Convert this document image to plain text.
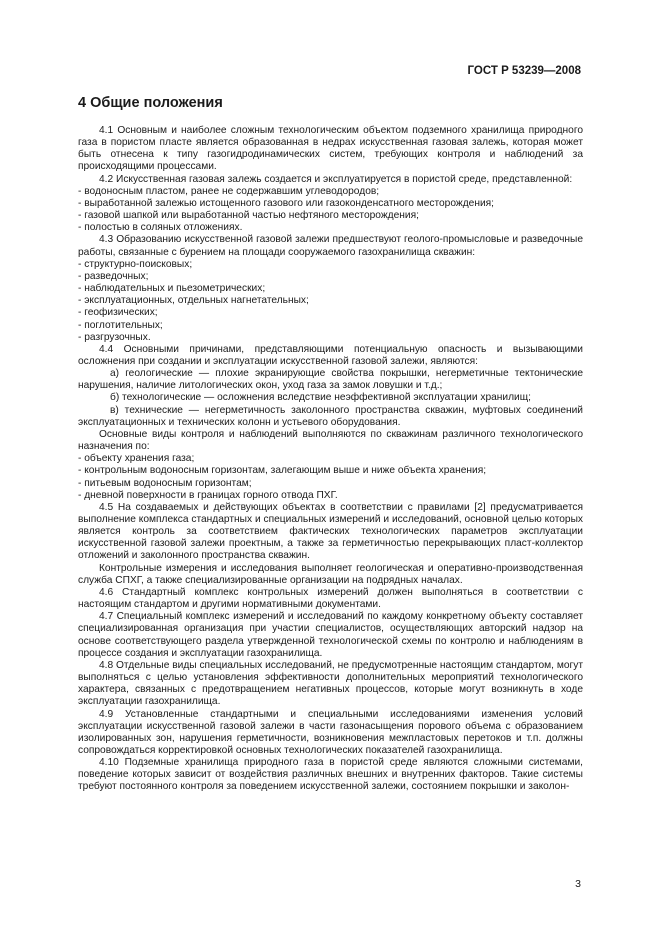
ГОСТ Р 53239—2008
4 Общие положения

4.1 Основным и наиболее сложным технологическим объектом подземного хранилища природного газа в пористом пласте является образованная в недрах искусственная газовая залежь, которая может быть отнесена к типу газогидродинамических систем, требующих контроля и наблюдений за происходящими процессами.

4.2 Искусственная газовая залежь создается и эксплуатируется в пористой среде, представленной:

- водоносным пластом, ранее не содержавшим углеводородов;

- выработанной залежью истощенного газового или газоконденсатного месторождения;

- газовой шапкой или выработанной частью нефтяного месторождения;

- полостью в соляных отложениях.

4.3 Образованию искусственной газовой залежи предшествуют геолого-промысловые и разведочные работы, связанные с бурением на площади сооружаемого газохранилища скважин:

- структурно-поисковых;

- разведочных;

- наблюдательных и пьезометрических;

- эксплуатационных, отдельных нагнетательных;

- геофизических;

- поглотительных;

- разгрузочных.

4.4 Основными причинами, представляющими потенциальную опасность и вызывающими осложнения при создании и эксплуатации искусственной газовой залежи, являются:

а) геологические — плохие экранирующие свойства покрышки, негерметичные тектонические нарушения, наличие литологических окон, уход газа за замок ловушки и т.д.;

б) технологические — осложнения вследствие неэффективной эксплуатации хранилищ;

в) технические — негерметичность заколонного пространства скважин, муфтовых соединений эксплуатационных и технических колонн и устьевого оборудования.

Основные виды контроля и наблюдений выполняются по скважинам различного технологического назначения по:

- объекту хранения газа;

- контрольным водоносным горизонтам, залегающим выше и ниже объекта хранения;

- питьевым водоносным горизонтам;

- дневной поверхности в границах горного отвода ПХГ.

4.5 На создаваемых и действующих объектах в соответствии с правилами [2] предусматривается выполнение комплекса стандартных и специальных измерений и исследований, основной целью которых является контроль за соответствием фактических технологических параметров эксплуатации искусственной газовой залежи проектным, а также за герметичностью перекрывающих пласт-коллектор отложений и заколонного пространства скважин.

Контрольные измерения и исследования выполняет геологическая и оперативно-производственная служба СПХГ, а также специализированные организации на подрядных началах.

4.6 Стандартный комплекс контрольных измерений должен выполняться в соответствии с настоящим стандартом и другими нормативными документами.

4.7 Специальный комплекс измерений и исследований по каждому конкретному объекту составляет специализированная организация при участии специалистов, осуществляющих авторский надзор на основе соответствующего раздела утвержденной технологической схемы по контролю и наблюдениям в процессе создания и эксплуатации газохранилища.

4.8 Отдельные виды специальных исследований, не предусмотренные настоящим стандартом, могут выполняться с целью установления эффективности дополнительных мероприятий технологического характера, связанных с предотвращением негативных процессов, которые могут возникнуть в ходе эксплуатации газохранилища.

4.9 Установленные стандартными и специальными исследованиями изменения условий эксплуатации искусственной газовой залежи в части газонасыщения порового объема с образованием изолированных зон, нарушения герметичности, возникновения межпластовых перетоков и т.п. должны сопровождаться корректировкой основных технологических показателей газохранилища.

4.10 Подземные хранилища природного газа в пористой среде являются сложными системами, поведение которых зависит от воздействия различных внешних и внутренних факторов. Такие системы требуют постоянного контроля за поведением искусственной залежи, состоянием покрышки и заколон-

3
